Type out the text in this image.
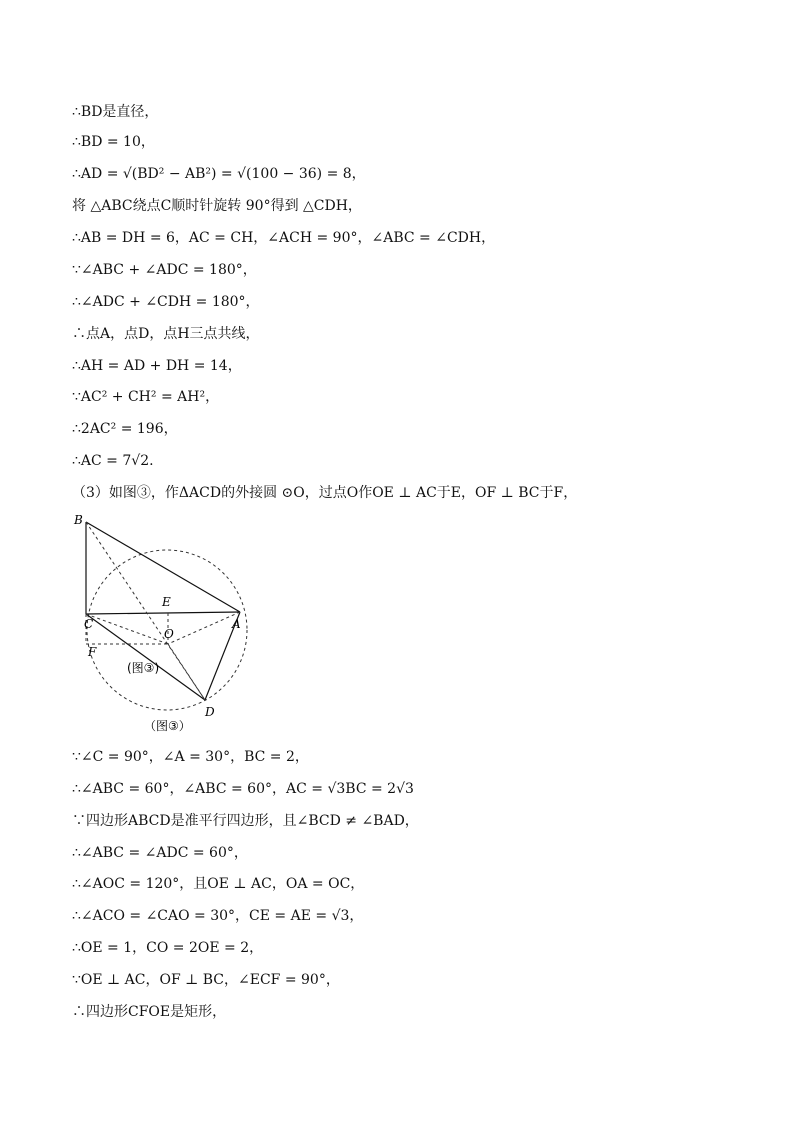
∴BD是直径，
∴BD = 10，
∴AD = √(BD² − AB²) = √(100 − 36) = 8，
将 △ABC绕点C顺时针旋转 90°得到 △CDH，
∴AB = DH = 6，AC = CH，∠ACH = 90°，∠ABC = ∠CDH，
∵∠ABC + ∠ADC = 180°，
∴∠ADC + ∠CDH = 180°，
∴点A，点D，点H三点共线，
∴AH = AD + DH = 14，
∵AC² + CH² = AH²，
∴2AC² = 196，
∴AC = 7√2.
（3）如图③，作ΔACD的外接圆 ⊙O，过点O作OE ⊥ AC于E，OF ⊥ BC于F，
B
C	A
E
O
F
D
(图③)
（图③）
∵∠C = 90°，∠A = 30°，BC = 2，
∴∠ABC = 60°，∠ABC = 60°，AC = √3BC = 2√3
∵四边形ABCD是准平行四边形，且∠BCD ≠ ∠BAD，
∴∠ABC = ∠ADC = 60°，
∴∠AOC = 120°，且OE ⊥ AC，OA = OC，
∴∠ACO = ∠CAO = 30°，CE = AE = √3，
∴OE = 1，CO = 2OE = 2，
∵OE ⊥ AC，OF ⊥ BC，∠ECF = 90°，
∴四边形CFOE是矩形，
